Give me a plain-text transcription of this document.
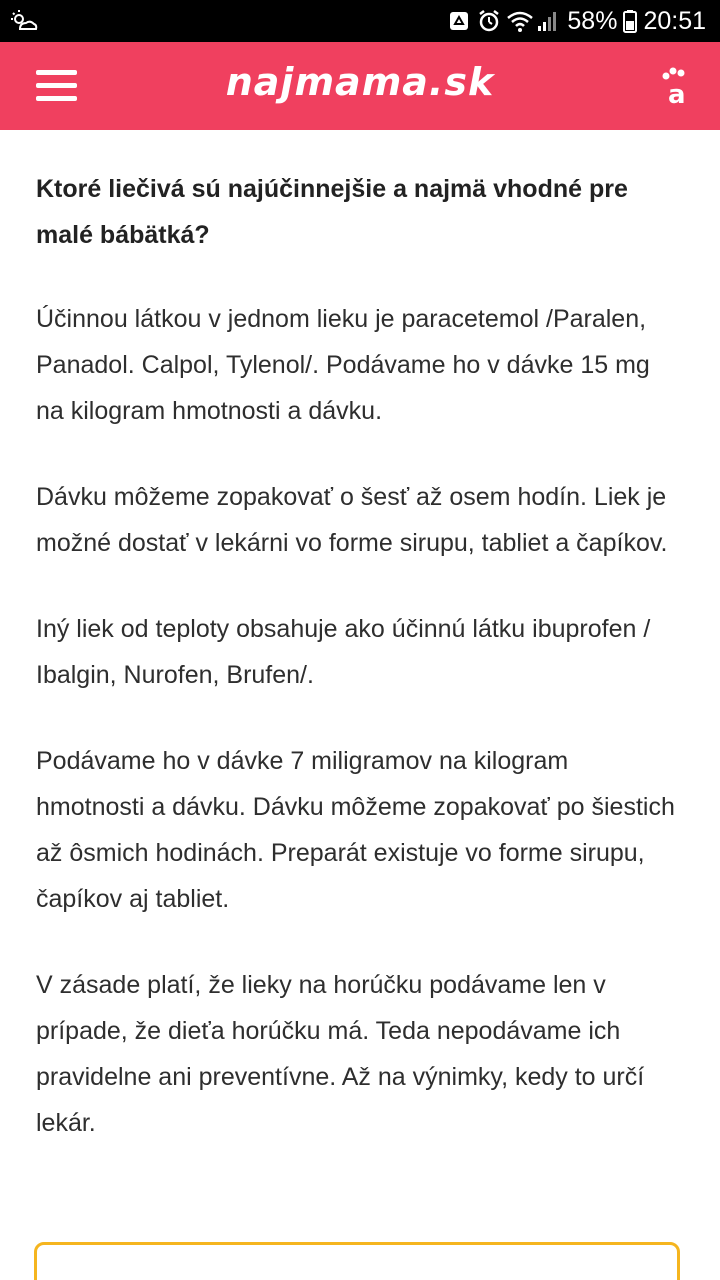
58% 20:51
najmama.sk	a

Ktoré liečivá sú najúčinnejšie a najmä vhodné pre malé bábätká?

Účinnou látkou v jednom lieku je paracetemol /Paralen, Panadol. Calpol, Tylenol/. Podávame ho v dávke 15 mg na kilogram hmotnosti a dávku.

Dávku môžeme zopakovať o šesť až osem hodín. Liek je možné dostať v lekárni vo forme sirupu, tabliet a čapíkov.

Iný liek od teploty obsahuje ako účinnú látku ibuprofen / Ibalgin, Nurofen, Brufen/.

Podávame ho v dávke 7 miligramov na kilogram hmotnosti a dávku. Dávku môžeme zopakovať po šiestich až ôsmich hodinách. Preparát existuje vo forme sirupu, čapíkov aj tabliet.

V zásade platí, že lieky na horúčku podávame len v prípade, že dieťa horúčku má. Teda nepodávame ich pravidelne ani preventívne. Až na výnimky, kedy to určí lekár.
